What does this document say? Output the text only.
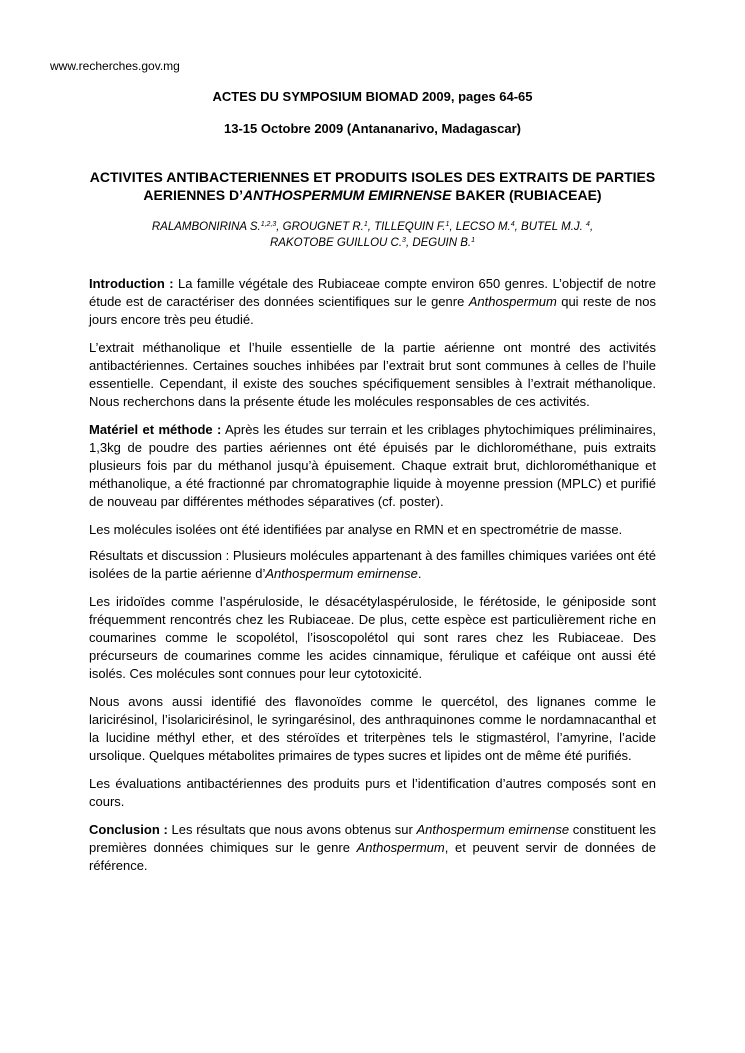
www.recherches.gov.mg
ACTES DU SYMPOSIUM BIOMAD 2009, pages 64-65
13-15 Octobre 2009 (Antananarivo, Madagascar)
ACTIVITES ANTIBACTERIENNES ET PRODUITS ISOLES DES EXTRAITS DE PARTIES
AERIENNES D’ANTHOSPERMUM EMIRNENSE BAKER (RUBIACEAE)
RALAMBONIRINA S.$^{1,2,3}$, GROUGNET R.$^1$, TILLEQUIN F.$^1$, LECSO M.$^4$, BUTEL M.J. $^4$,
RAKOTOBE GUILLOU C.$^3$, DEGUIN B.$^1$

Introduction : La famille végétale des Rubiaceae compte environ 650 genres. L’objectif de notre étude est de caractériser des données scientifiques sur le genre Anthospermum qui reste de nos jours encore très peu étudié.

L’extrait méthanolique et l’huile essentielle de la partie aérienne ont montré des activités antibactériennes. Certaines souches inhibées par l’extrait brut sont communes à celles de l’huile essentielle. Cependant, il existe des souches spécifiquement sensibles à l’extrait méthanolique. Nous recherchons dans la présente étude les molécules responsables de ces activités.

Matériel et méthode : Après les études sur terrain et les criblages phytochimiques préliminaires, 1,3kg de poudre des parties aériennes ont été épuisés par le dichlorométhane, puis extraits plusieurs fois par du méthanol jusqu’à épuisement. Chaque extrait brut, dichlorométhanique et méthanolique, a été fractionné par chromatographie liquide à moyenne pression (MPLC) et purifié de nouveau par différentes méthodes séparatives (cf. poster).

Les molécules isolées ont été identifiées par analyse en RMN et en spectrométrie de masse.

Résultats et discussion : Plusieurs molécules appartenant à des familles chimiques variées ont été isolées de la partie aérienne d’Anthospermum emirnense.

Les iridoïdes comme l’aspéruloside, le désacétylaspéruloside, le férétoside, le géniposide sont fréquemment rencontrés chez les Rubiaceae. De plus, cette espèce est particulièrement riche en coumarines comme le scopolétol, l’isoscopolétol qui sont rares chez les Rubiaceae. Des précurseurs de coumarines comme les acides cinnamique, férulique et caféique ont aussi été isolés. Ces molécules sont connues pour leur cytotoxicité.

Nous avons aussi identifié des flavonoïdes comme le quercétol, des lignanes comme le laricirésinol, l’isolaricirésinol, le syringarésinol, des anthraquinones comme le nordamnacanthal et la lucidine méthyl ether, et des stéroïdes et triterpènes tels le stigmastérol, l’amyrine, l’acide ursolique. Quelques métabolites primaires de types sucres et lipides ont de même été purifiés.

Les évaluations antibactériennes des produits purs et l’identification d’autres composés sont en cours.

Conclusion : Les résultats que nous avons obtenus sur Anthospermum emirnense constituent les premières données chimiques sur le genre Anthospermum, et peuvent servir de données de référence.
